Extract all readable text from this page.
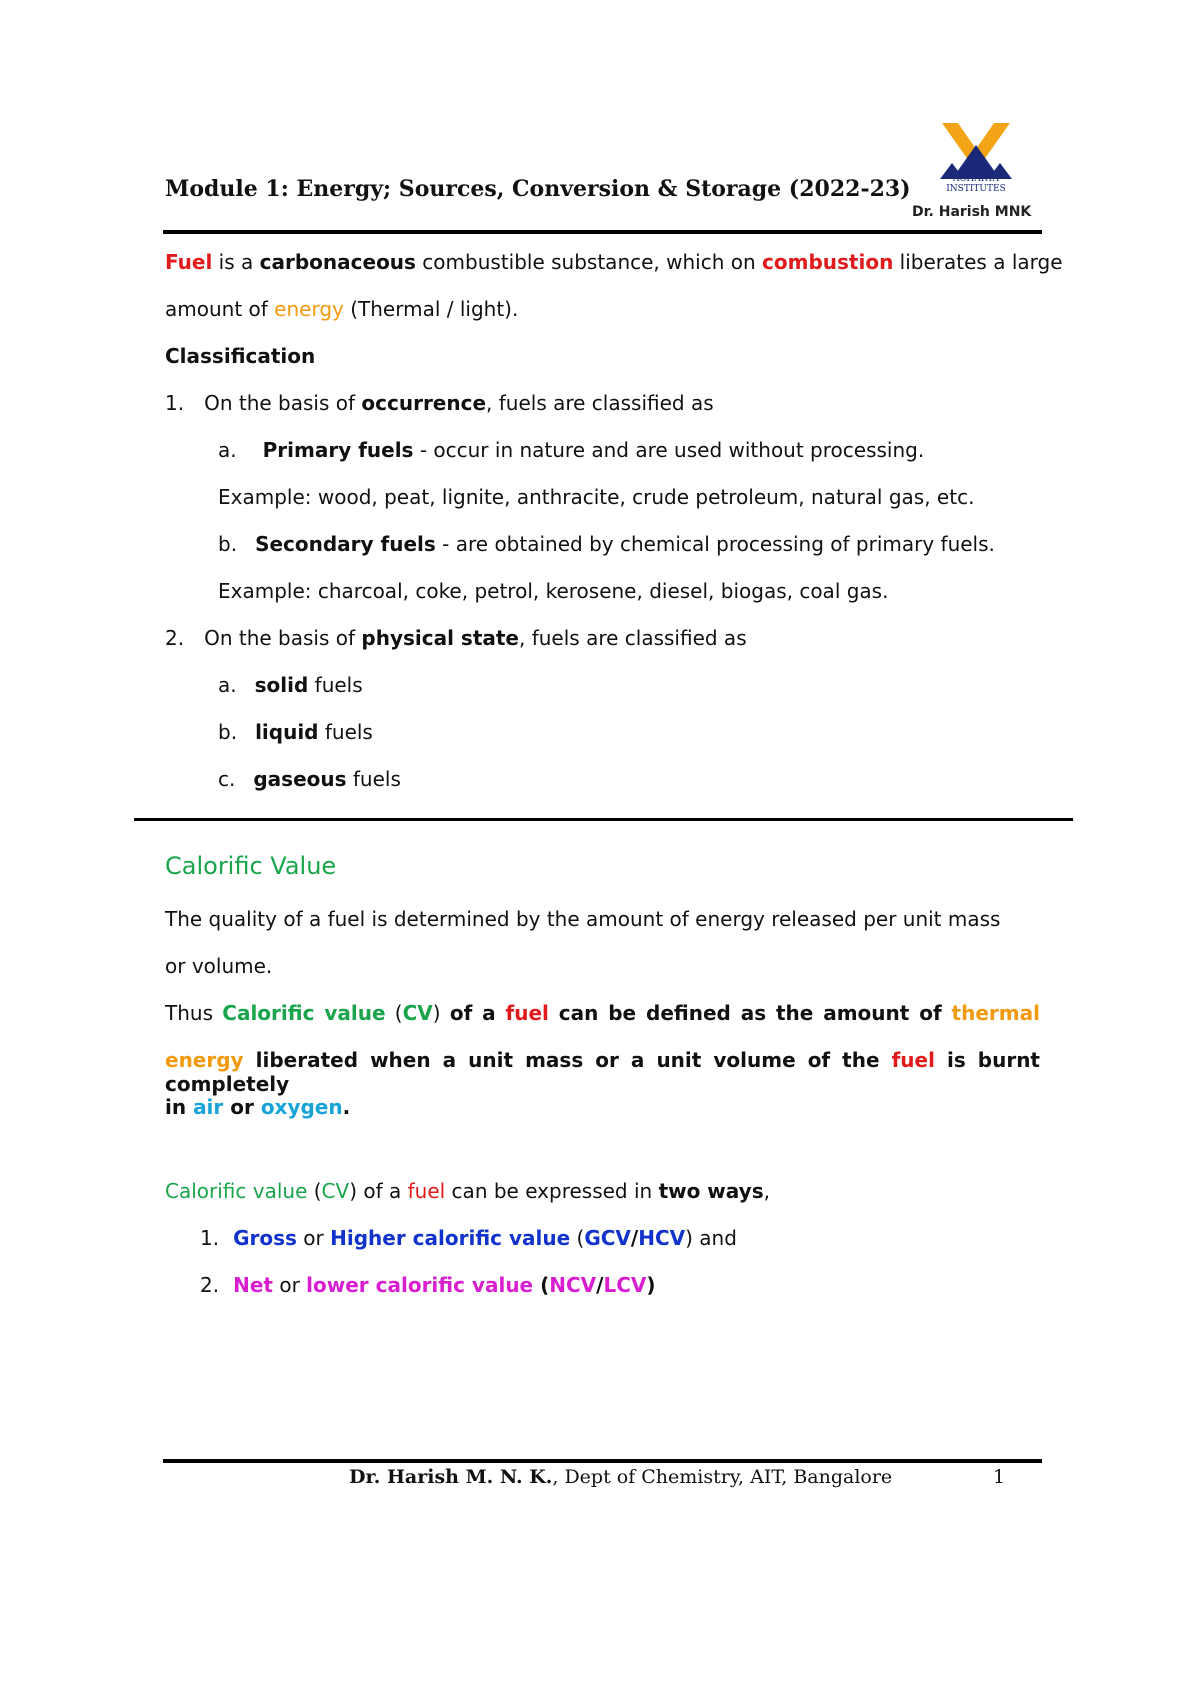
Module 1: Energy; Sources, Conversion & Storage (2022-23)	ACHARYA INSTITUTES
Dr. Harish MNK
Fuel is a carbonaceous combustible substance, which on combustion liberates a large
amount of energy (Thermal / light).
Classification
1. On the basis of occurrence, fuels are classified as
a. Primary fuels - occur in nature and are used without processing.
Example: wood, peat, lignite, anthracite, crude petroleum, natural gas, etc.
b. Secondary fuels - are obtained by chemical processing of primary fuels.
Example: charcoal, coke, petrol, kerosene, diesel, biogas, coal gas.
2. On the basis of physical state, fuels are classified as
a. solid fuels
b. liquid fuels
c. gaseous fuels
Calorific Value
The quality of a fuel is determined by the amount of energy released per unit mass
or volume.
Thus Calorific value (CV) of a fuel can be defined as the amount of thermal
energy liberated when a unit mass or a unit volume of the fuel is burnt completely
in air or oxygen.
Calorific value (CV) of a fuel can be expressed in two ways,
1. Gross or Higher calorific value (GCV/HCV) and
2. Net or lower calorific value (NCV/LCV)
Dr. Harish M. N. K., Dept of Chemistry, AIT, Bangalore	1
